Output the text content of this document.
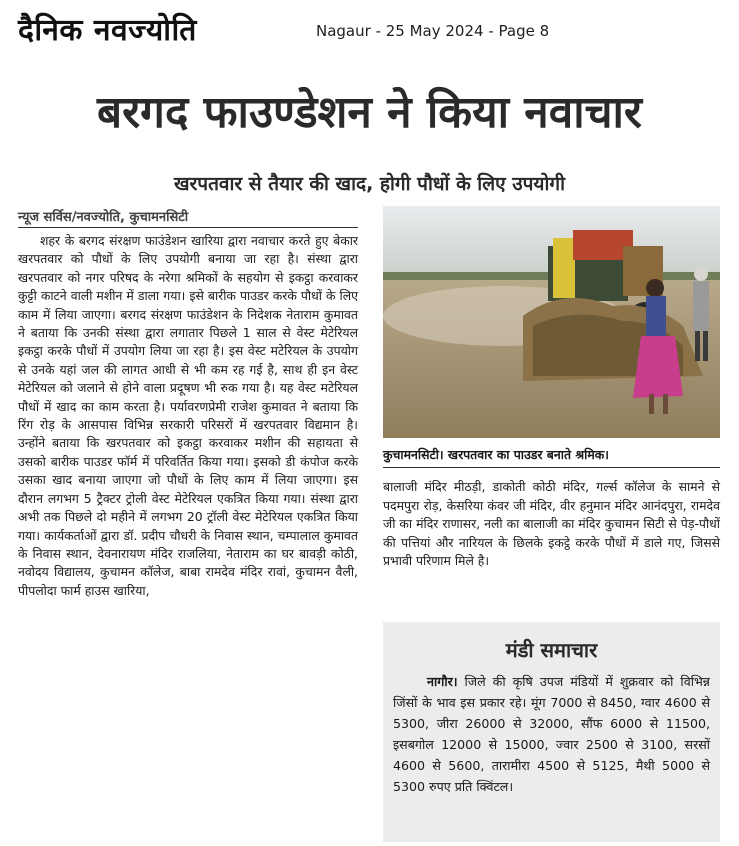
दैनिक नवज्योति	Nagaur - 25 May 2024 - Page 8
बरगद फाउण्डेशन ने किया नवाचार
खरपतवार से तैयार की खाद, होगी पौधों के लिए उपयोगी
न्यूज सर्विस/नवज्योति, कुचामनसिटी

शहर के बरगद संरक्षण फाउंडेशन खारिया द्वारा नवाचार करते हुए बेकार खरपतवार को पौधों के लिए उपयोगी बनाया जा रहा है। संस्था द्वारा खरपतवार को नगर परिषद के नरेगा श्रमिकों के सहयोग से इकट्ठा करवाकर कुट्टी काटने वाली मशीन में डाला गया। इसे बारीक पाउडर करके पौधों के लिए काम में लिया जाएगा। बरगद संरक्षण फाउंडेशन के निदेशक नेताराम कुमावत ने बताया कि उनकी संस्था द्वारा लगातार पिछले 1 साल से वेस्ट मेटेरियल इकट्ठा करके पौधों में उपयोग लिया जा रहा है। इस वेस्ट मटेरियल के उपयोग से उनके यहां जल की लागत आधी से भी कम रह गई है, साथ ही इन वेस्ट मेटेरियल को जलाने से होने वाला प्रदूषण भी रुक गया है। यह वेस्ट मटेरियल पौधों में खाद का काम करता है। पर्यावरणप्रेमी राजेश कुमावत ने बताया कि रिंग रोड़ के आसपास विभिन्न सरकारी परिसरों में खरपतवार विद्यमान है। उन्होंने बताया कि खरपतवार को इकट्ठा करवाकर मशीन की सहायता से उसको बारीक पाउडर फॉर्म में परिवर्तित किया गया। इसको डी कंपोज करके उसका खाद बनाया जाएगा जो पौधों के लिए काम में लिया जाएगा। इस दौरान लगभग 5 ट्रैक्टर ट्रोली वेस्ट मेटेरियल एकत्रित किया गया। संस्था द्वारा अभी तक पिछले दो महीने में लगभग 20 ट्रॉली वेस्ट मेटेरियल एकत्रित किया गया। कार्यकर्ताओं द्वारा डॉ. प्रदीप चौधरी के निवास स्थान, चम्पालाल कुमावत के निवास स्थान, देवनारायण मंदिर राजलिया, नेताराम का घर बावड़ी कोठी, नवोदय विद्यालय, कुचामन कॉलेज, बाबा रामदेव मंदिर रावां, कुचामन वैली, पीपलोदा फार्म हाउस खारिया,

कुचामनसिटी। खरपतवार का पाउडर बनाते श्रमिक।

बालाजी मंदिर मीठड़ी, डाकोती कोठी मंदिर, गर्ल्स कॉलेज के सामने से पदमपुरा रोड़, केसरिया कंवर जी मंदिर, वीर हनुमान मंदिर आनंदपुरा, रामदेव जी का मंदिर राणासर, नली का बालाजी का मंदिर कुचामन सिटी से पेड़-पौधों की पत्तियां और नारियल के छिलके इकट्ठे करके पौधों में डाले गए, जिससे प्रभावी परिणाम मिले है।

मंडी समाचार
नागौर। जिले की कृषि उपज मंडियों में शुक्रवार को विभिन्न जिंसों के भाव इस प्रकार रहे। मूंग 7000 से 8450, ग्वार 4600 से 5300, जीरा 26000 से 32000, सौंफ 6000 से 11500, इसबगोल 12000 से 15000, ज्वार 2500 से 3100, सरसों 4600 से 5600, तारामीरा 4500 से 5125, मैथी 5000 से 5300 रुपए प्रति क्विंटल।
